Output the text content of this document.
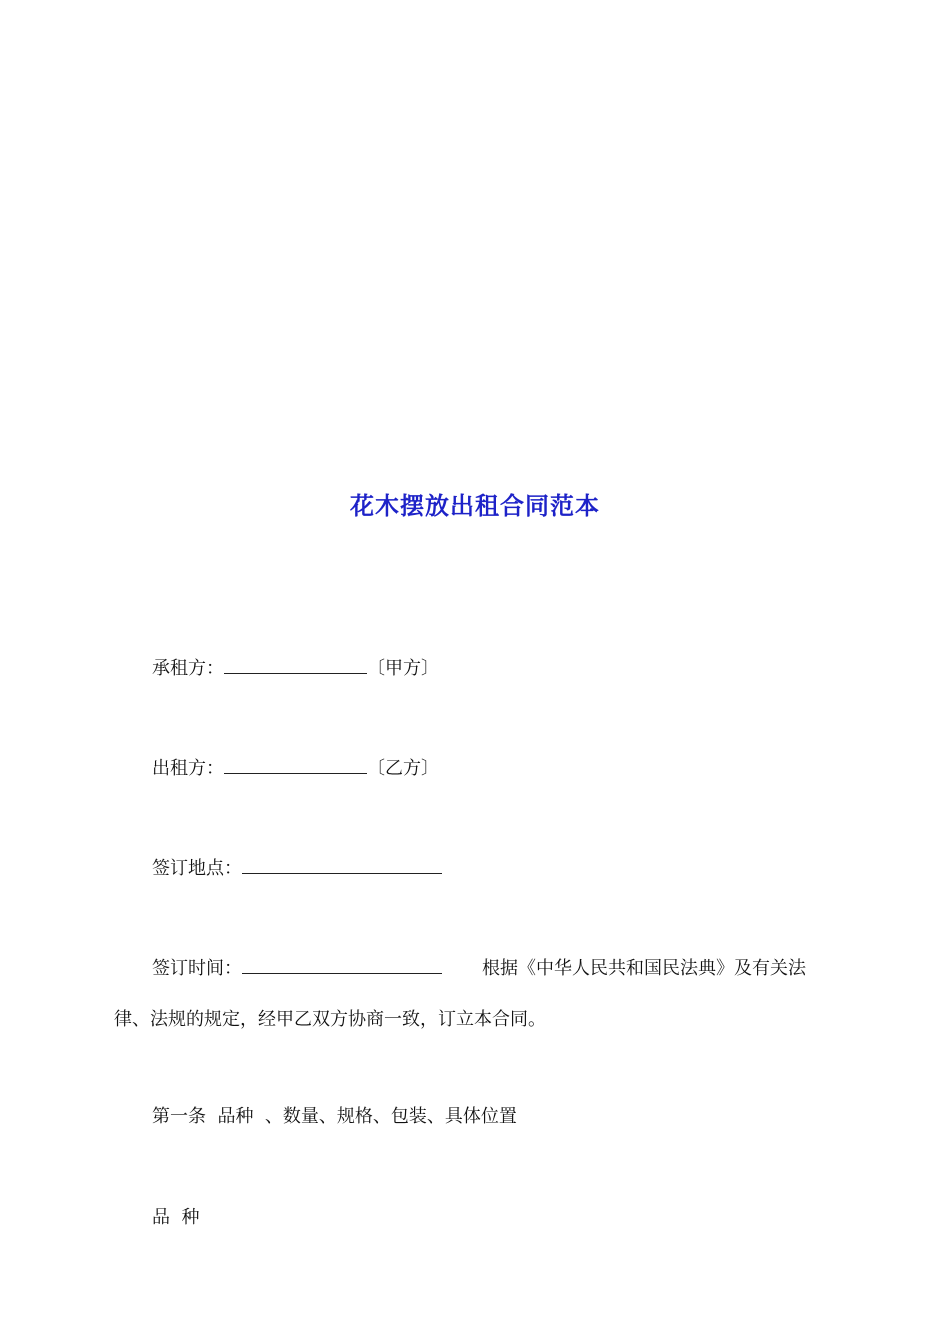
花木摆放出租合同范本
承租方：	〔甲方〕
出租方：	〔乙方〕
签订地点：
签订时间：	根据《中华人民共和国民法典》及有关法
律、法规的规定，经甲乙双方协商一致，订立本合同。
第一条  品种  、数量、规格、包装、具体位置
品  种
